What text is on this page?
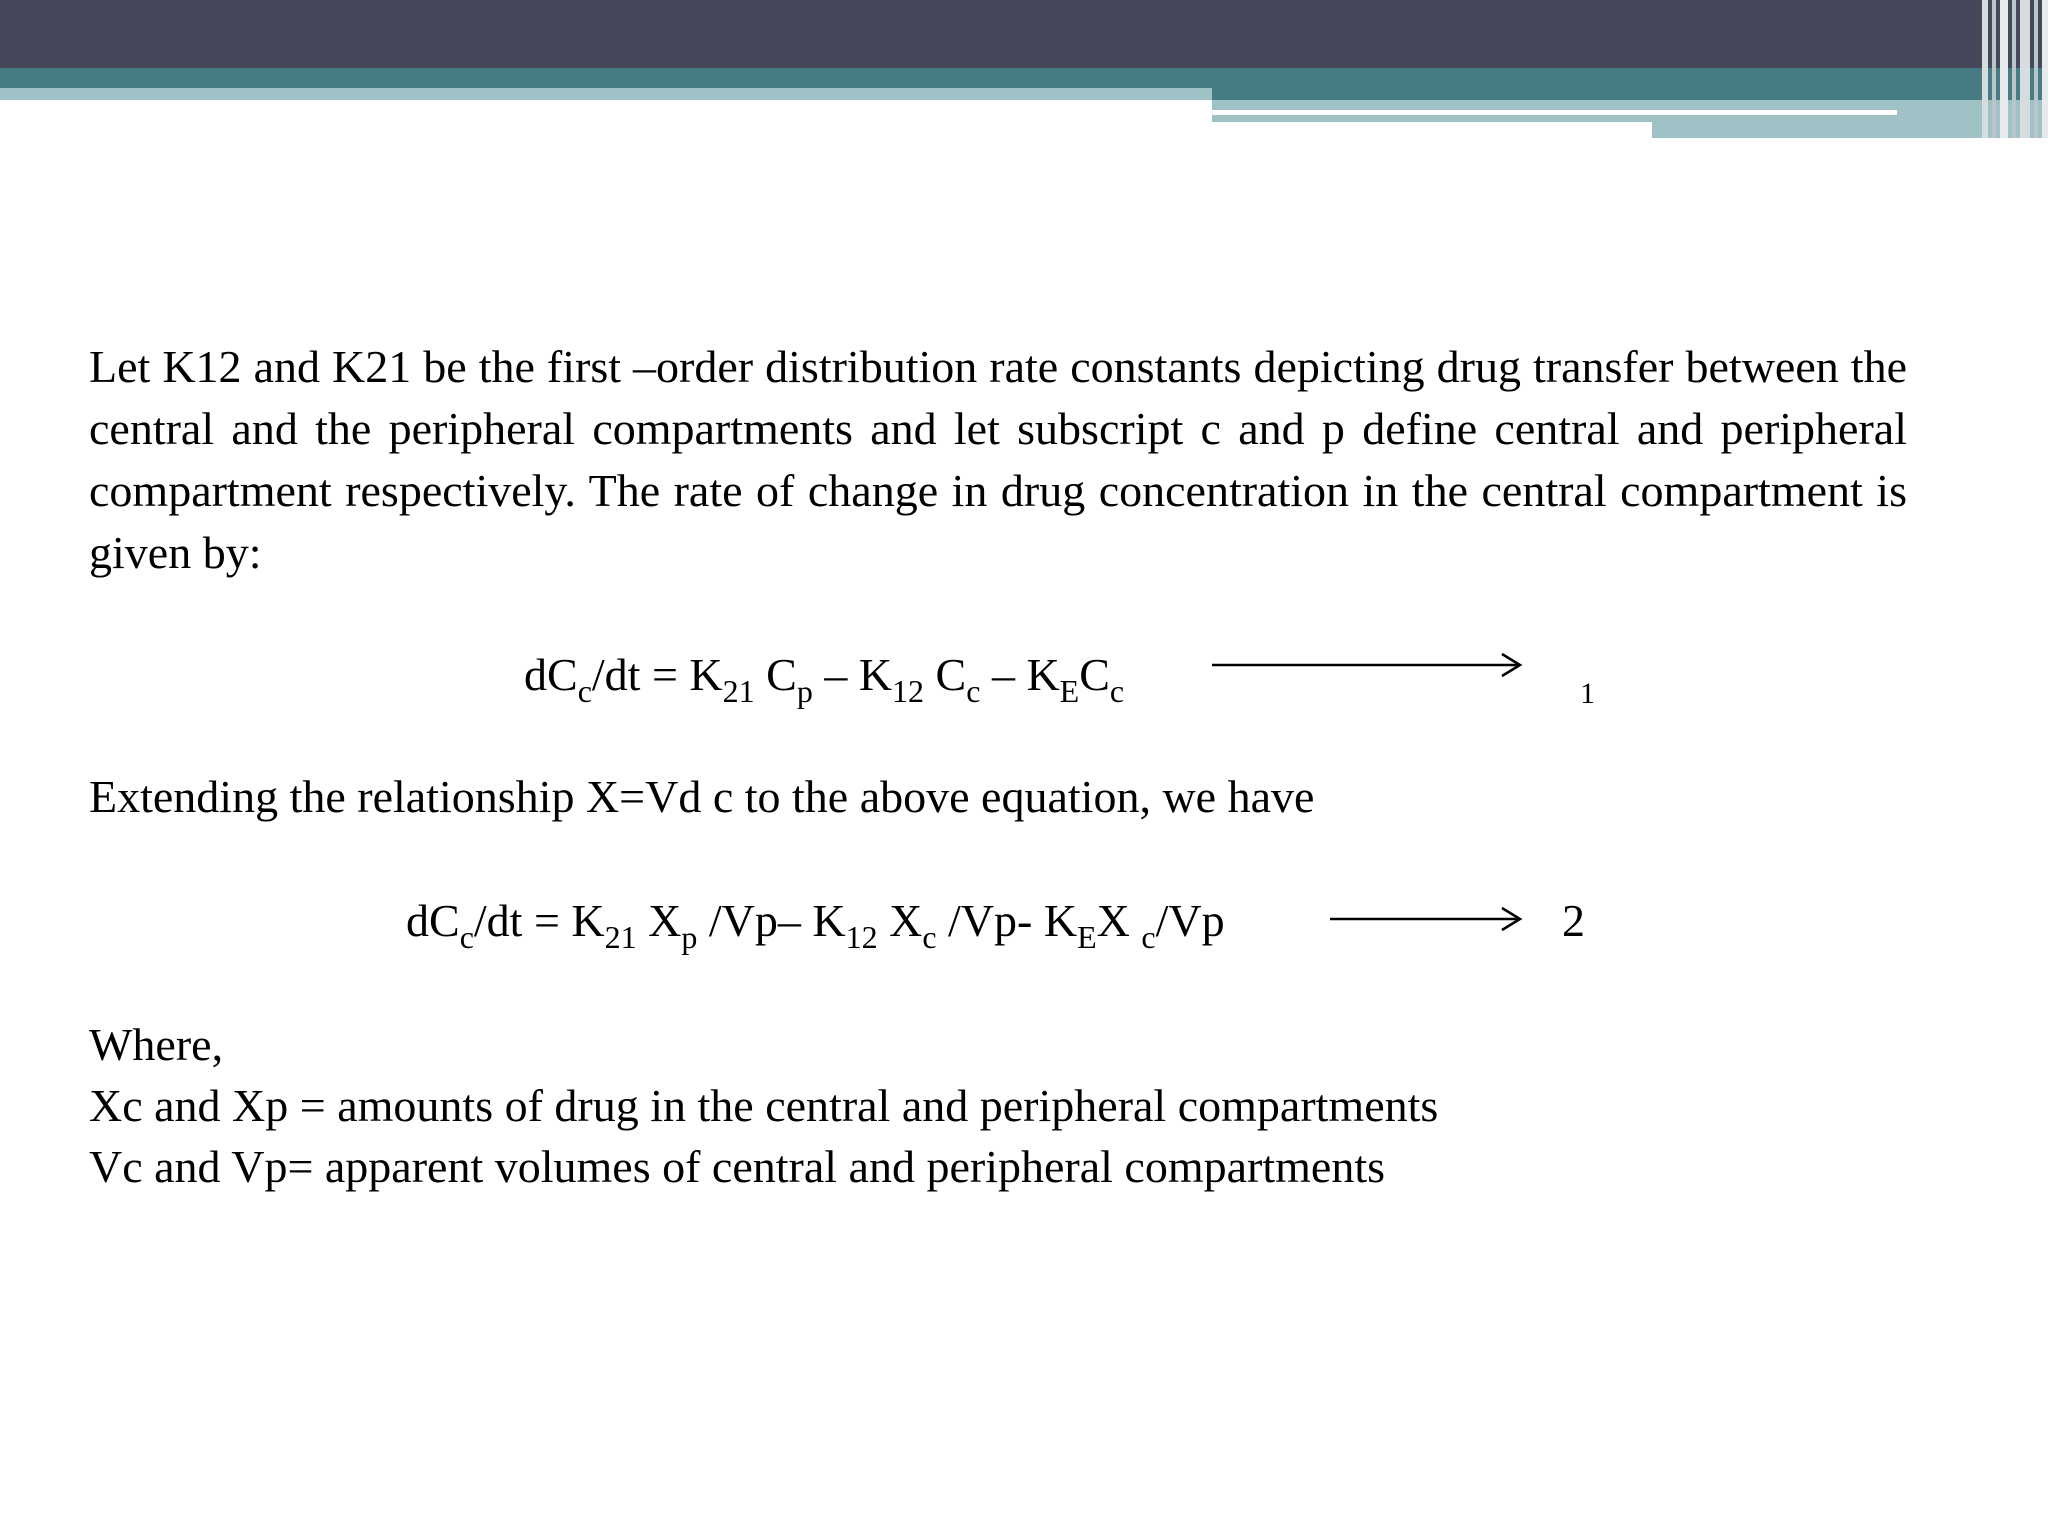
Let K12 and K21 be the first –order distribution rate constants depicting drug transfer between the central and the peripheral compartments and let subscript c and p define central and peripheral compartment respectively. The rate of change in drug concentration in the central compartment is given by:

$dC_c/dt = K_{21}$ $C_p - K_{12}$ $C_c - K_EC_c$	1
Extending the relationship X=Vd c to the above equation, we have
$dC_c/dt = K_{21}$ $X_p$ /Vp– $K_{12}$ $X_c$ /Vp- $K_EX$ $_c$/Vp	2
Where,
Xc and Xp = amounts of drug in the central and peripheral compartments
Vc and Vp= apparent volumes of central and peripheral compartments
